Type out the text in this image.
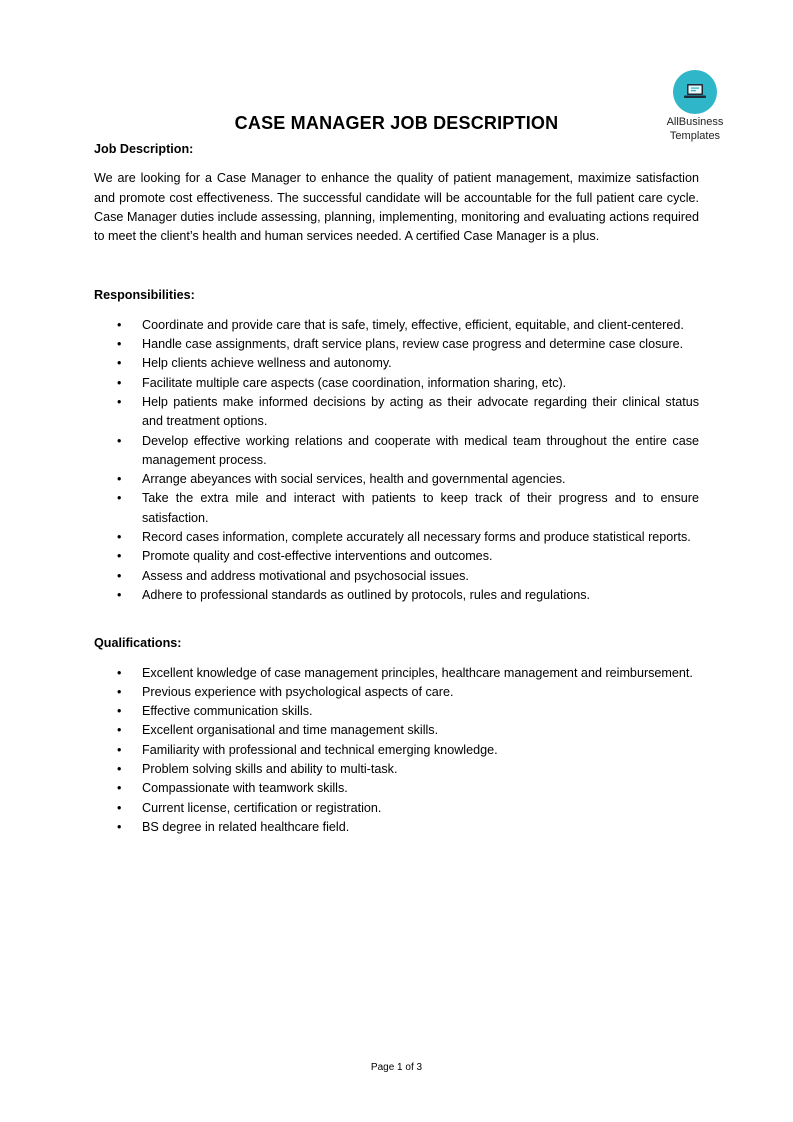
AllBusiness
Templates
CASE MANAGER JOB DESCRIPTION

Job Description:

We are looking for a Case Manager to enhance the quality of patient management, maximize satisfaction and promote cost effectiveness. The successful candidate will be accountable for the full patient care cycle. Case Manager duties include assessing, planning, implementing, monitoring and evaluating actions required to meet the client’s health and human services needed. A certified Case Manager is a plus.

Responsibilities:

• Coordinate and provide care that is safe, timely, effective, efficient, equitable, and client-centered.
• Handle case assignments, draft service plans, review case progress and determine case closure.
• Help clients achieve wellness and autonomy.
• Facilitate multiple care aspects (case coordination, information sharing, etc).
• Help patients make informed decisions by acting as their advocate regarding their clinical status and treatment options.
• Develop effective working relations and cooperate with medical team throughout the entire case management process.
• Arrange abeyances with social services, health and governmental agencies.
• Take the extra mile and interact with patients to keep track of their progress and to ensure satisfaction.
• Record cases information, complete accurately all necessary forms and produce statistical reports.
• Promote quality and cost-effective interventions and outcomes.
• Assess and address motivational and psychosocial issues.
• Adhere to professional standards as outlined by protocols, rules and regulations.

Qualifications:

• Excellent knowledge of case management principles, healthcare management and reimbursement.
• Previous experience with psychological aspects of care.
• Effective communication skills.
• Excellent organisational and time management skills.
• Familiarity with professional and technical emerging knowledge.
• Problem solving skills and ability to multi-task.
• Compassionate with teamwork skills.
• Current license, certification or registration.
• BS degree in related healthcare field.
Page 1 of 3
